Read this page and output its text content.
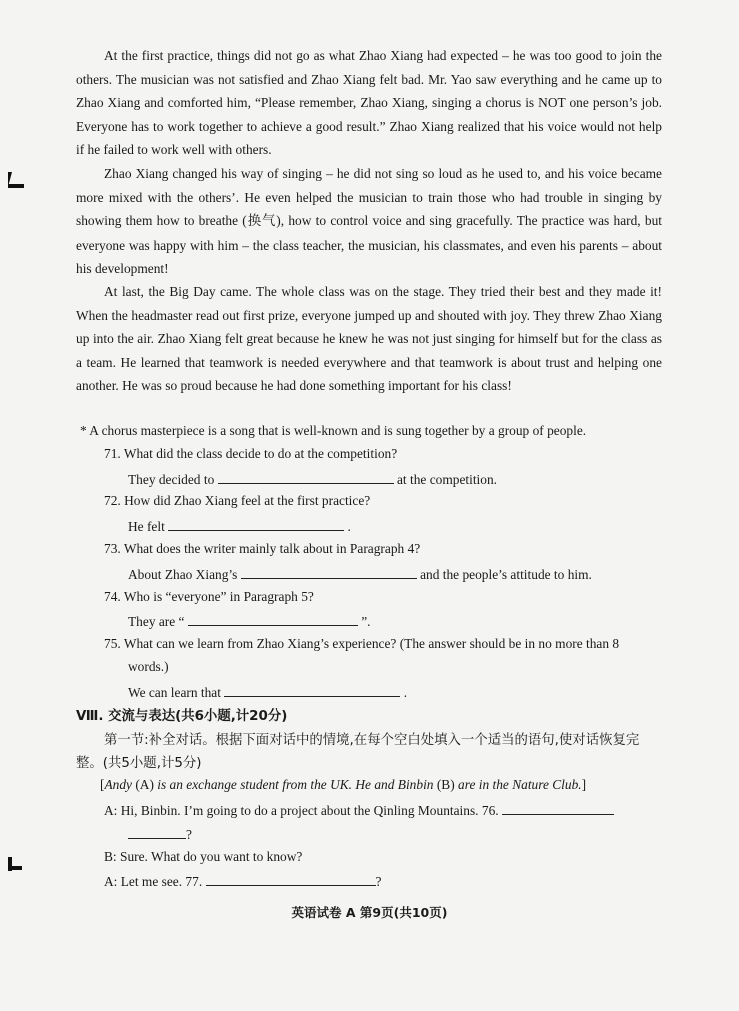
At the first practice, things did not go as what Zhao Xiang had expected – he was too good to join the others. The musician was not satisfied and Zhao Xiang felt bad. Mr. Yao saw everything and he came up to Zhao Xiang and comforted him, “Please remember, Zhao Xiang, singing a chorus is NOT one person’s job. Everyone has to work together to achieve a good result.” Zhao Xiang realized that his voice would not help if he failed to work well with others.
Zhao Xiang changed his way of singing – he did not sing so loud as he used to, and his voice became more mixed with the others’. He even helped the musician to train those who had trouble in singing by showing them how to breathe (换气), how to control voice and sing gracefully. The practice was hard, but everyone was happy with him – the class teacher, the musician, his classmates, and even his parents – about his development!
At last, the Big Day came. The whole class was on the stage. They tried their best and they made it! When the headmaster read out first prize, everyone jumped up and shouted with joy. They threw Zhao Xiang up into the air. Zhao Xiang felt great because he knew he was not just singing for himself but for the class as a team. He learned that teamwork is needed everywhere and that teamwork is about trust and helping one another. He was so proud because he had done something important for his class!
* A chorus masterpiece is a song that is well-known and is sung together by a group of people.
71. What did the class decide to do at the competition?
They decided to	at the competition.
72. How did Zhao Xiang feel at the first practice?
He felt	.
73. What does the writer mainly talk about in Paragraph 4?
About Zhao Xiang’s	and the people’s attitude to him.
74. Who is “everyone” in Paragraph 5?
They are “	”.
75. What can we learn from Zhao Xiang’s experience? (The answer should be in no more than 8
words.)
We can learn that	.
Ⅷ. 交流与表达(共6小题,计20分)
第一节:补全对话。根据下面对话中的情境,在每个空白处填入一个适当的语句,使对话恢复完整。(共5小题,计5分)
[Andy (A) is an exchange student from the UK. He and Binbin (B) are in the Nature Club.]
A: Hi, Binbin. I’m going to do a project about the Qinling Mountains. 76.
?
B: Sure. What do you want to know?
A: Let me see. 77.	?
英语试卷 A 第9页(共10页)
